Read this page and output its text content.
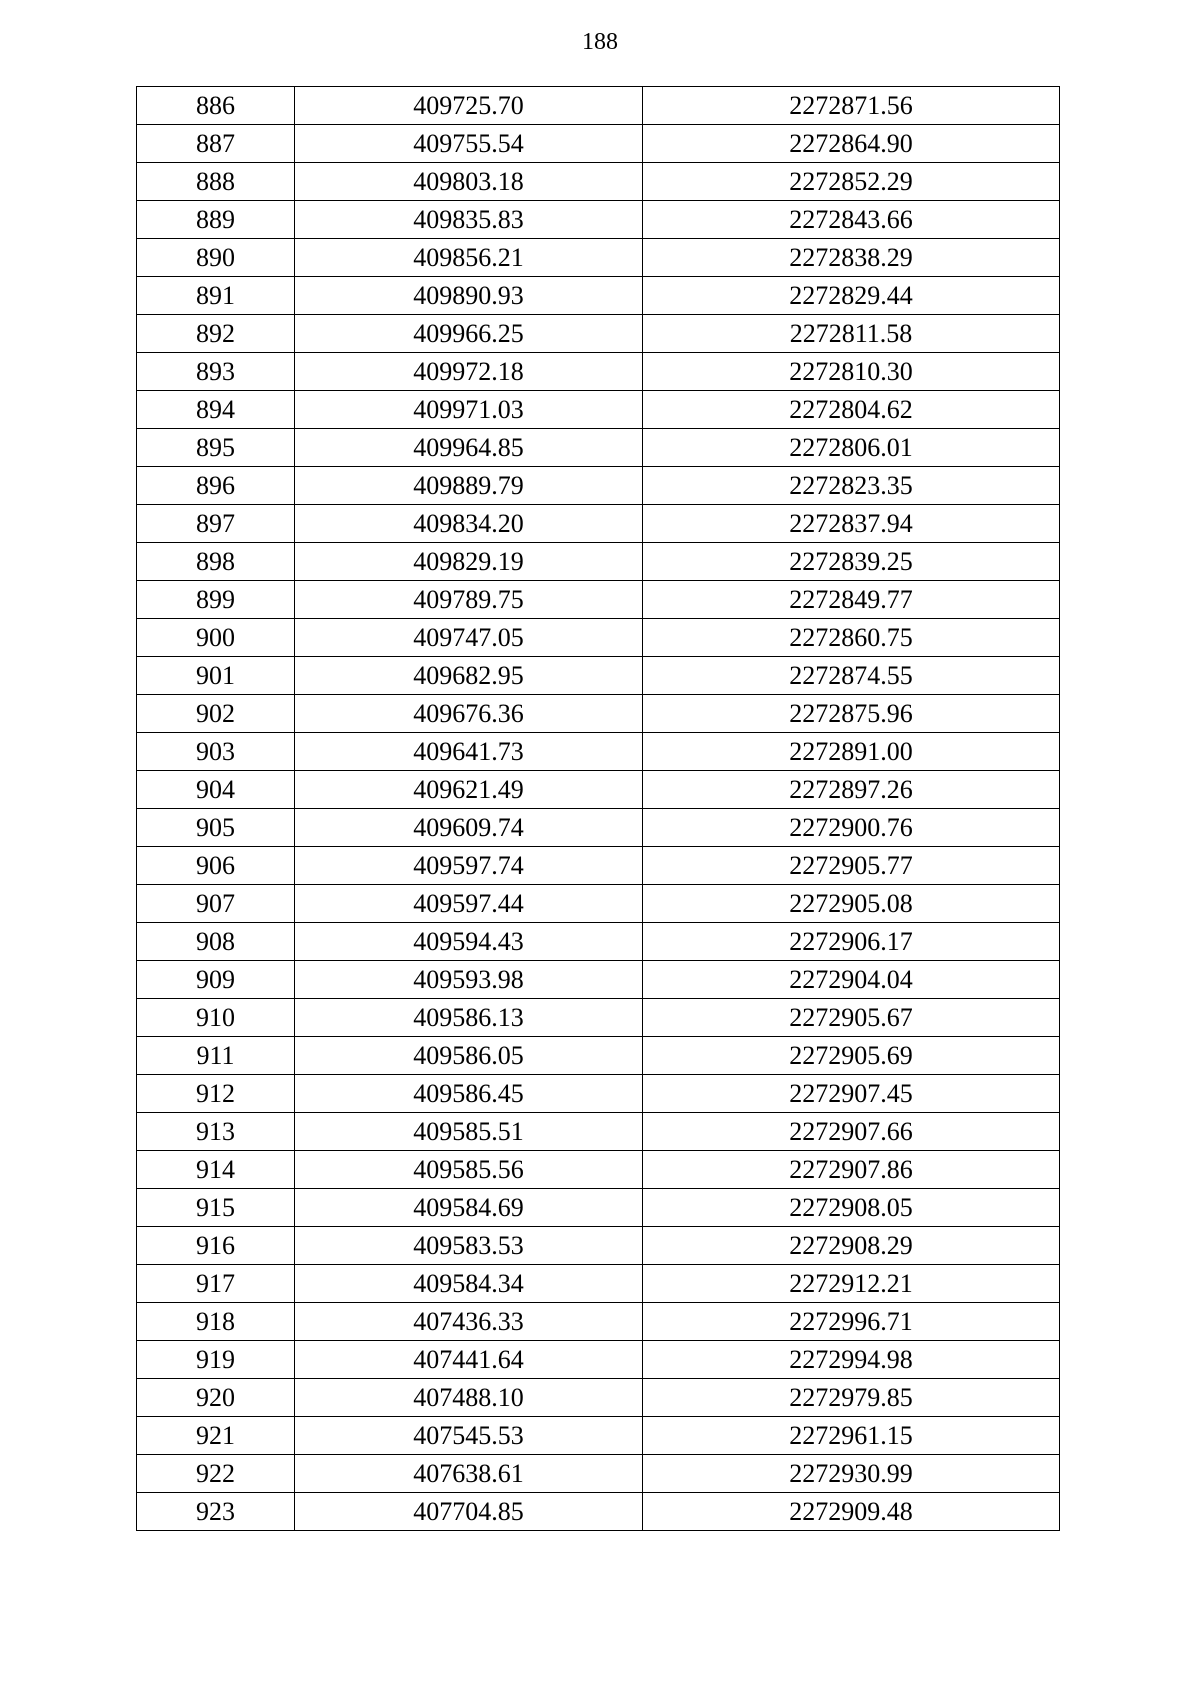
188
886	409725.70	2272871.56
887	409755.54	2272864.90
888	409803.18	2272852.29
889	409835.83	2272843.66
890	409856.21	2272838.29
891	409890.93	2272829.44
892	409966.25	2272811.58
893	409972.18	2272810.30
894	409971.03	2272804.62
895	409964.85	2272806.01
896	409889.79	2272823.35
897	409834.20	2272837.94
898	409829.19	2272839.25
899	409789.75	2272849.77
900	409747.05	2272860.75
901	409682.95	2272874.55
902	409676.36	2272875.96
903	409641.73	2272891.00
904	409621.49	2272897.26
905	409609.74	2272900.76
906	409597.74	2272905.77
907	409597.44	2272905.08
908	409594.43	2272906.17
909	409593.98	2272904.04
910	409586.13	2272905.67
911	409586.05	2272905.69
912	409586.45	2272907.45
913	409585.51	2272907.66
914	409585.56	2272907.86
915	409584.69	2272908.05
916	409583.53	2272908.29
917	409584.34	2272912.21
918	407436.33	2272996.71
919	407441.64	2272994.98
920	407488.10	2272979.85
921	407545.53	2272961.15
922	407638.61	2272930.99
923	407704.85	2272909.48
